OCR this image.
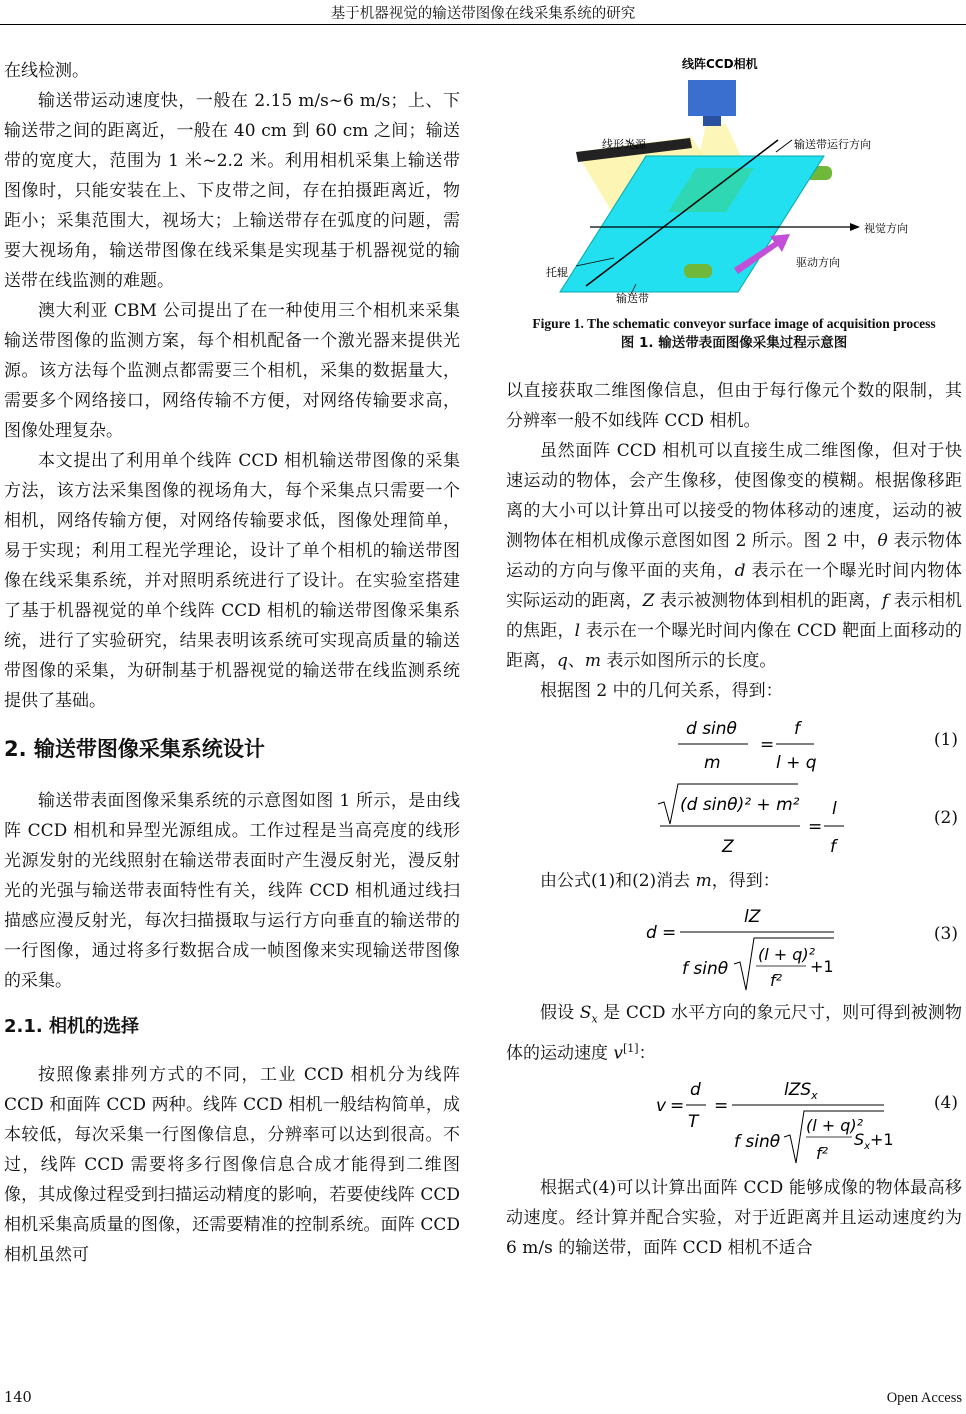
基于机器视觉的输送带图像在线采集系统的研究

在线检测。

输送带运动速度快，一般在 2.15 m/s~6 m/s；上、下输送带之间的距离近，一般在 40 cm 到 60 cm 之间；输送带的宽度大，范围为 1 米~2.2 米。利用相机采集上输送带图像时，只能安装在上、下皮带之间，存在拍摄距离近，物距小；采集范围大，视场大；上输送带存在弧度的问题，需要大视场角，输送带图像在线采集是实现基于机器视觉的输送带在线监测的难题。

澳大利亚 CBM 公司提出了在一种使用三个相机来采集输送带图像的监测方案，每个相机配备一个激光器来提供光源。该方法每个监测点都需要三个相机，采集的数据量大，需要多个网络接口，网络传输不方便，对网络传输要求高，图像处理复杂。

本文提出了利用单个线阵 CCD 相机输送带图像的采集方法，该方法采集图像的视场角大，每个采集点只需要一个相机，网络传输方便，对网络传输要求低，图像处理简单，易于实现；利用工程光学理论，设计了单个相机的输送带图像在线采集系统，并对照明系统进行了设计。在实验室搭建了基于机器视觉的单个线阵 CCD 相机的输送带图像采集系统，进行了实验研究，结果表明该系统可实现高质量的输送带图像的采集，为研制基于机器视觉的输送带在线监测系统提供了基础。

2. 输送带图像采集系统设计

输送带表面图像采集系统的示意图如图 1 所示，是由线阵 CCD 相机和异型光源组成。工作过程是当高亮度的线形光源发射的光线照射在输送带表面时产生漫反射光，漫反射光的光强与输送带表面特性有关，线阵 CCD 相机通过线扫描感应漫反射光，每次扫描摄取与运行方向垂直的输送带的一行图像，通过将多行数据合成一帧图像来实现输送带图像的采集。

2.1. 相机的选择

按照像素排列方式的不同，工业 CCD 相机分为线阵 CCD 和面阵 CCD 两种。线阵 CCD 相机一般结构简单，成本较低，每次采集一行图像信息，分辨率可以达到很高。不过，线阵 CCD 需要将多行图像信息合成才能得到二维图像，其成像过程受到扫描运动精度的影响，若要使线阵 CCD 相机采集高质量的图像，还需要精准的控制系统。面阵 CCD 相机虽然可

线阵CCD相机
线形光源	输送带运行方向
视觉方向
驱动方向
托辊
输送带
Figure 1. The schematic conveyor surface image of acquisition process
图 1. 输送带表面图像采集过程示意图

以直接获取二维图像信息，但由于每行像元个数的限制，其分辨率一般不如线阵 CCD 相机。

虽然面阵 CCD 相机可以直接生成二维图像，但对于快速运动的物体，会产生像移，使图像变的模糊。根据像移距离的大小可以计算出可以接受的物体移动的速度，运动的被测物体在相机成像示意图如图 2 所示。图 2 中，θ 表示物体运动的方向与像平面的夹角，d 表示在一个曝光时间内物体实际运动的距离，Z 表示被测物体到相机的距离，f 表示相机的焦距，l 表示在一个曝光时间内像在 CCD 靶面上面移动的距离，q、m 表示如图所示的长度。

根据图 2 中的几何关系，得到：

d sinθ
m
=
f
l + q
(1)
(d sinθ)² + m²
Z
=
l
f
(2)

由公式(1)和(2)消去 m，得到：

d =
lZ
f sinθ
(l + q)²
f²
+1
(3)

假设 $S_x$ 是 CCD 水平方向的象元尺寸，则可得到被测物体的运动速度 v[1]：

v =
d
T
=
lZS$_x$
f sinθ
(l + q)²
f²
$S_x +1$
(4)

根据式(4)可以计算出面阵 CCD 能够成像的物体最高移动速度。经计算并配合实验，对于近距离并且运动速度约为 6 m/s 的输送带，面阵 CCD 相机不适合

140	Open Access
